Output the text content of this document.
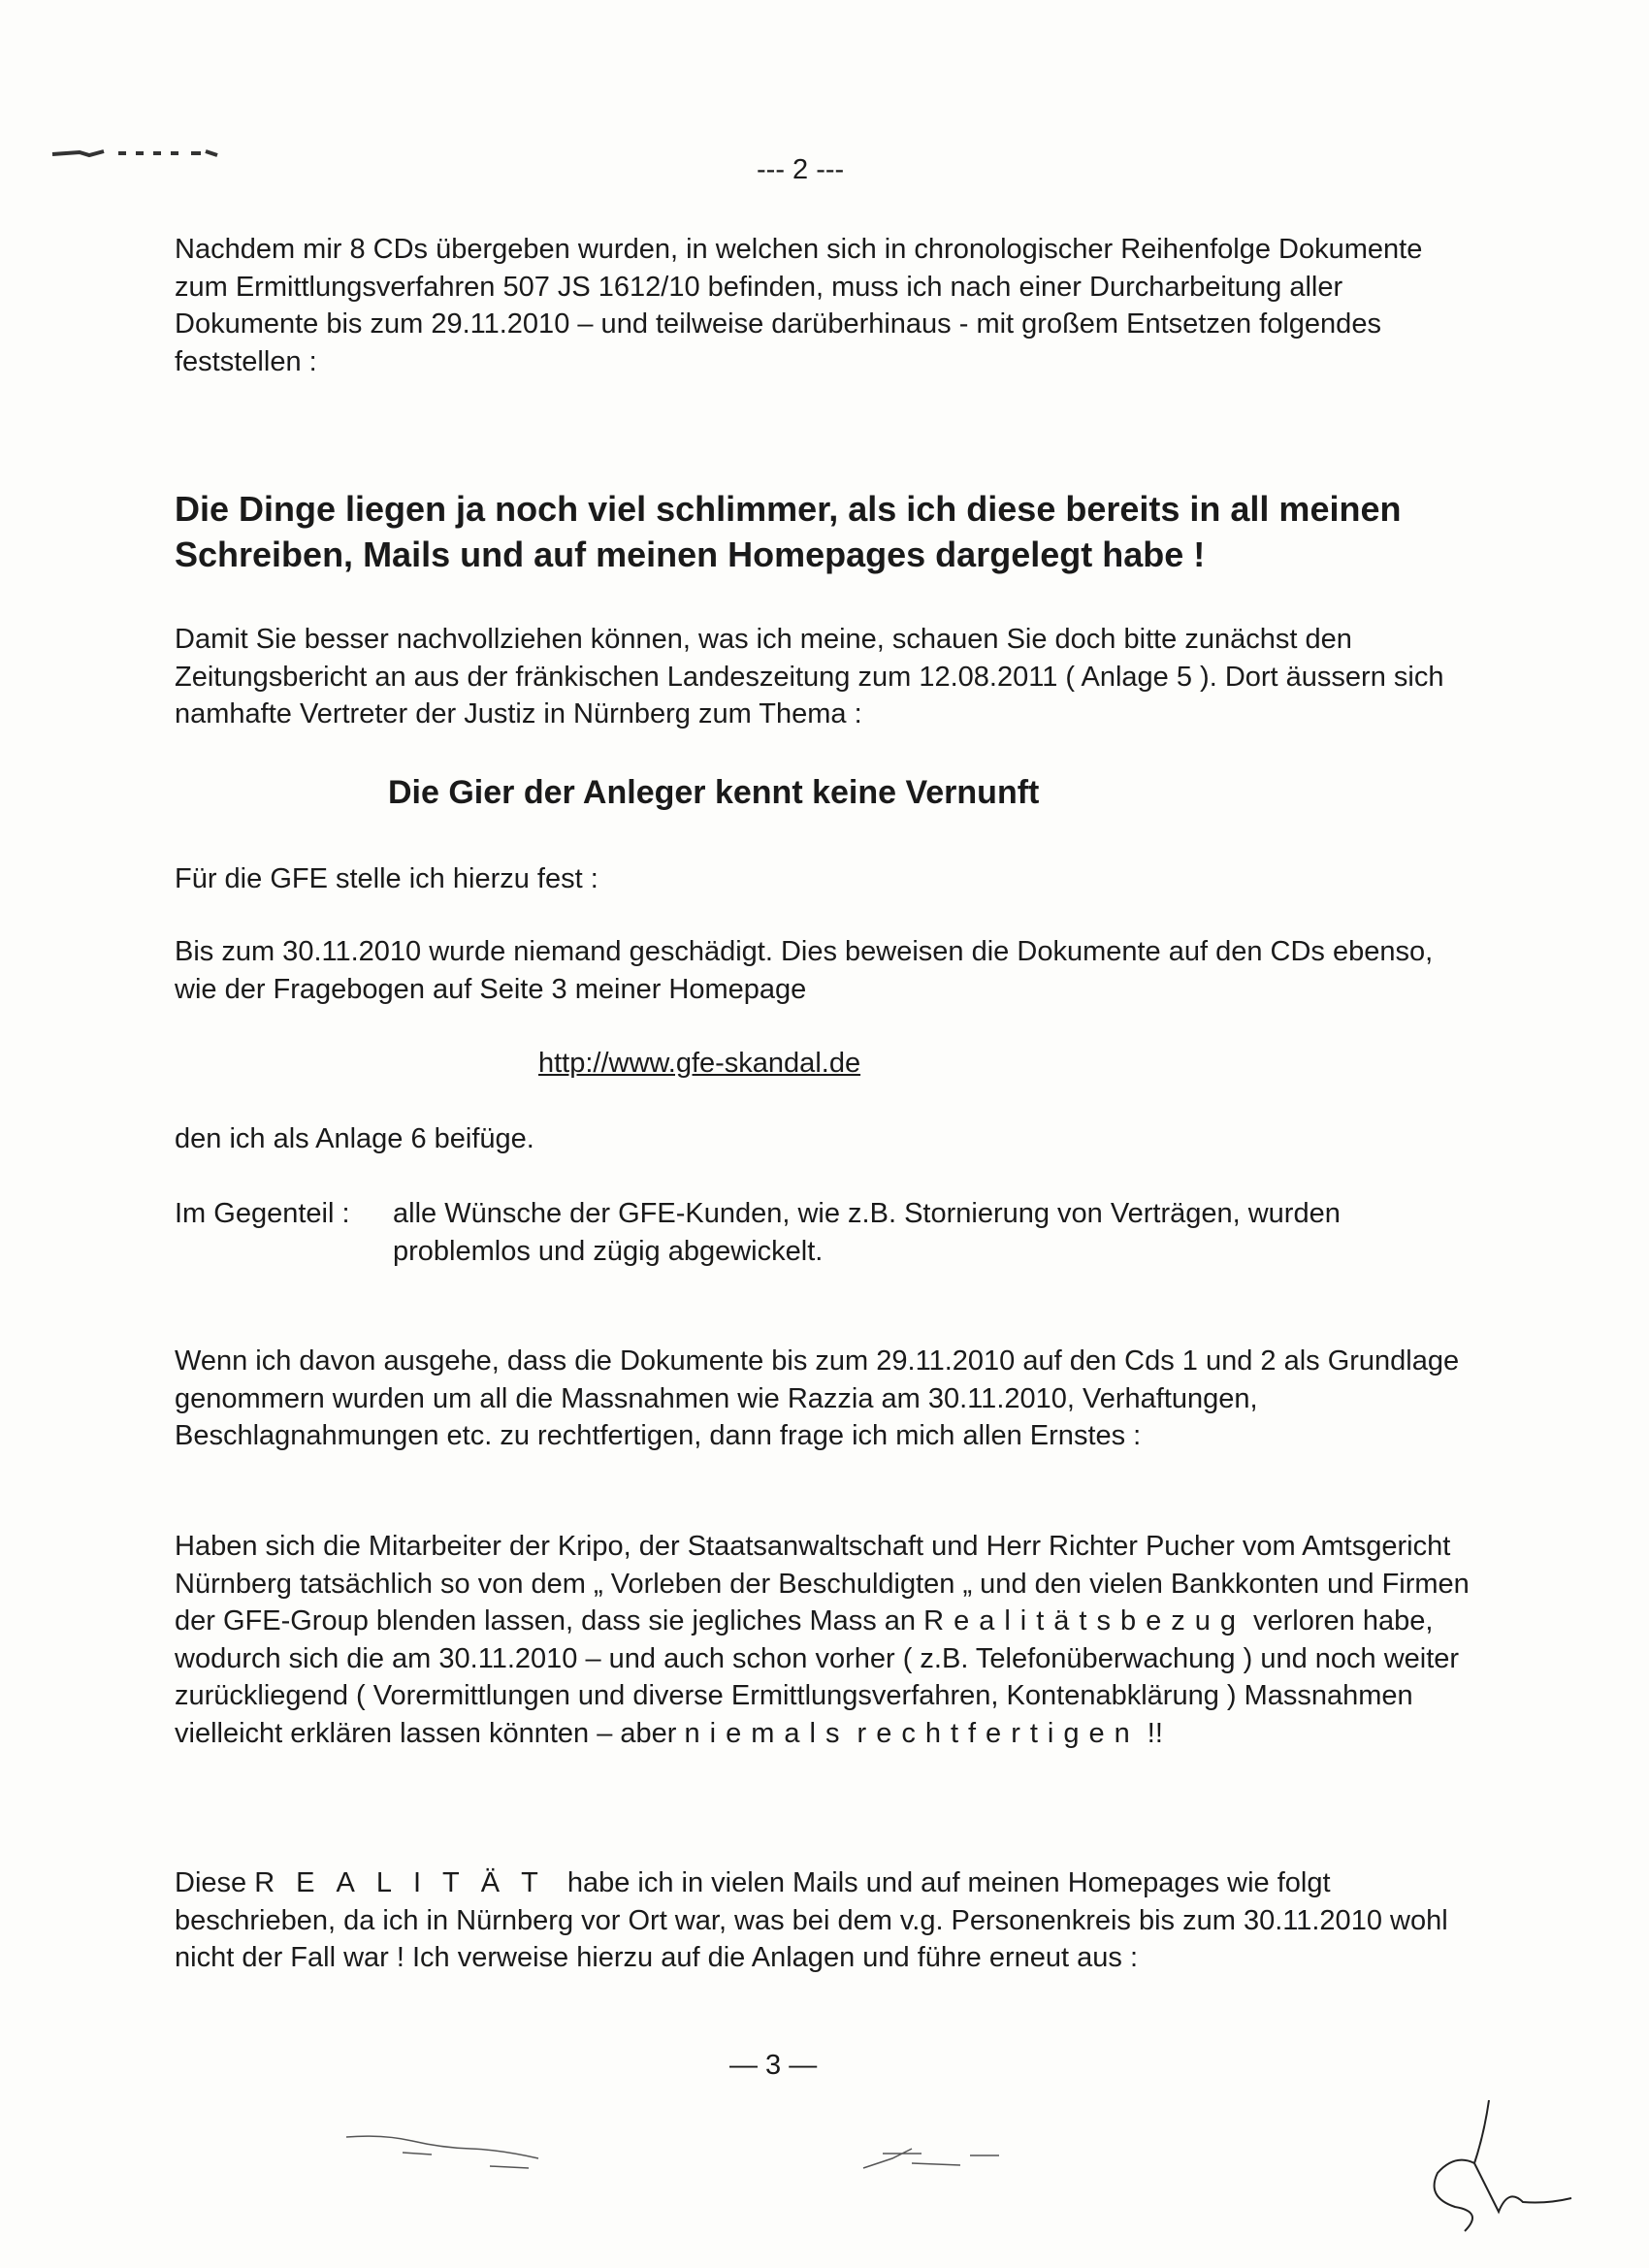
--- 2 ---

Nachdem mir 8 CDs übergeben wurden, in welchen sich in chronologischer Reihenfolge Dokumente zum Ermittlungsverfahren 507 JS 1612/10 befinden, muss ich nach einer Durcharbeitung aller Dokumente bis zum 29.11.2010 – und teilweise darüberhinaus - mit großem Entsetzen folgendes feststellen :

Die Dinge liegen ja noch viel schlimmer, als ich diese bereits in all meinen Schreiben, Mails und auf meinen Homepages dargelegt habe !

Damit Sie besser nachvollziehen können, was ich meine, schauen Sie doch bitte zunächst den Zeitungsbericht an aus der fränkischen Landeszeitung zum 12.08.2011 ( Anlage 5 ). Dort äussern sich namhafte Vertreter der Justiz in Nürnberg zum Thema :

Die Gier der Anleger kennt keine Vernunft

Für die GFE stelle ich hierzu fest :

Bis zum 30.11.2010 wurde niemand geschädigt. Dies beweisen die Dokumente auf den CDs ebenso, wie der Fragebogen auf Seite 3 meiner Homepage

http://www.gfe-skandal.de

den ich als Anlage 6 beifüge.

Im Gegenteil : alle Wünsche der GFE-Kunden, wie z.B. Stornierung von Verträgen, wurden problemlos und zügig abgewickelt.

Wenn ich davon ausgehe, dass die Dokumente bis zum 29.11.2010 auf den Cds 1 und 2 als Grundlage genommern wurden um all die Massnahmen wie Razzia am 30.11.2010, Verhaftungen, Beschlagnahmungen etc. zu rechtfertigen, dann frage ich mich allen Ernstes :

Haben sich die Mitarbeiter der Kripo, der Staatsanwaltschaft und Herr Richter Pucher vom Amtsgericht Nürnberg tatsächlich so von dem „ Vorleben der Beschuldigten „ und den vielen Bankkonten und Firmen der GFE-Group blenden lassen, dass sie jegliches Mass an Realitätsbezug verloren habe, wodurch sich die am 30.11.2010 – und auch schon vorher ( z.B. Telefonüberwachung ) und noch weiter zurückliegend ( Vorermittlungen und diverse Ermittlungsverfahren, Kontenabklärung ) Massnahmen vielleicht erklären lassen könnten – aber niemals rechtfertigen !!

Diese REALITÄT habe ich in vielen Mails und auf meinen Homepages wie folgt beschrieben, da ich in Nürnberg vor Ort war, was bei dem v.g. Personenkreis bis zum 30.11.2010 wohl nicht der Fall war ! Ich verweise hierzu auf die Anlagen und führe erneut aus :

— 3 —
